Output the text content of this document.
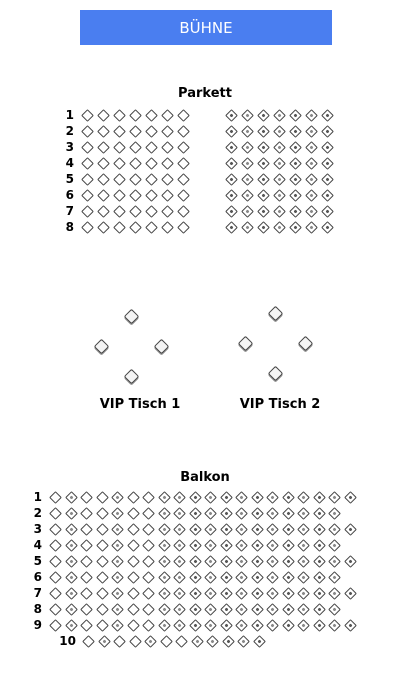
BÜHNE
Parkett
1
2
3
4
5
6
7
8
VIP Tisch 1	VIP Tisch 2
Balkon
1
2
3
4
5
6
7
8
9
10
